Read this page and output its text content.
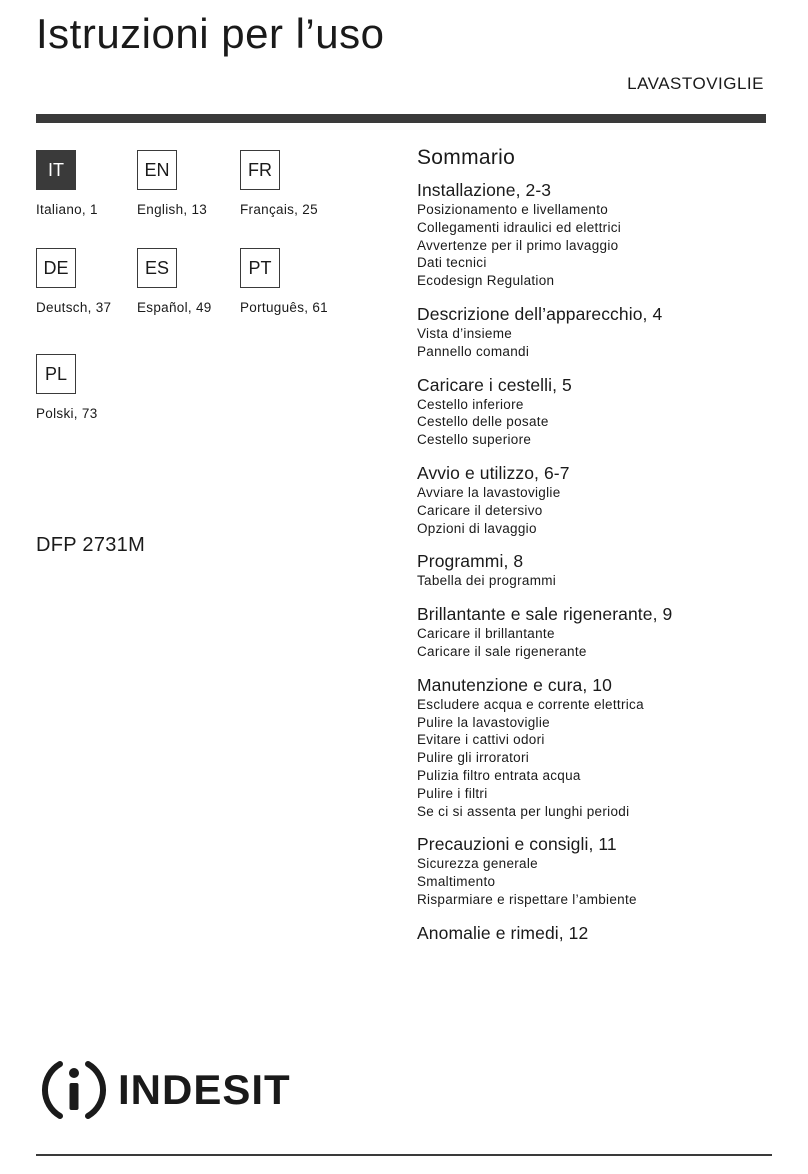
Istruzioni per l’uso
LAVASTOVIGLIE
IT
Italiano, 1
EN
English, 13
FR
Français, 25
DE
Deutsch, 37
ES
Español, 49
PT
Português, 61
PL
Polski, 73
DFP 2731M
Sommario
Installazione, 2-3
Posizionamento e livellamento
Collegamenti idraulici ed elettrici
Avvertenze per il primo lavaggio
Dati tecnici
Ecodesign Regulation
Descrizione dell’apparecchio, 4
Vista d’insieme
Pannello comandi
Caricare i cestelli, 5
Cestello inferiore
Cestello delle posate
Cestello superiore
Avvio e utilizzo, 6-7
Avviare la lavastoviglie
Caricare il detersivo
Opzioni di lavaggio
Programmi, 8
Tabella dei programmi
Brillantante e sale rigenerante, 9
Caricare il brillantante
Caricare il sale rigenerante
Manutenzione e cura, 10
Escludere acqua e corrente elettrica
Pulire la lavastoviglie
Evitare i cattivi odori
Pulire gli irroratori
Pulizia filtro entrata acqua
Pulire i filtri
Se ci si assenta per lunghi periodi
Precauzioni e consigli, 11
Sicurezza generale
Smaltimento
Risparmiare e rispettare l’ambiente
Anomalie e rimedi, 12
INDESIT
